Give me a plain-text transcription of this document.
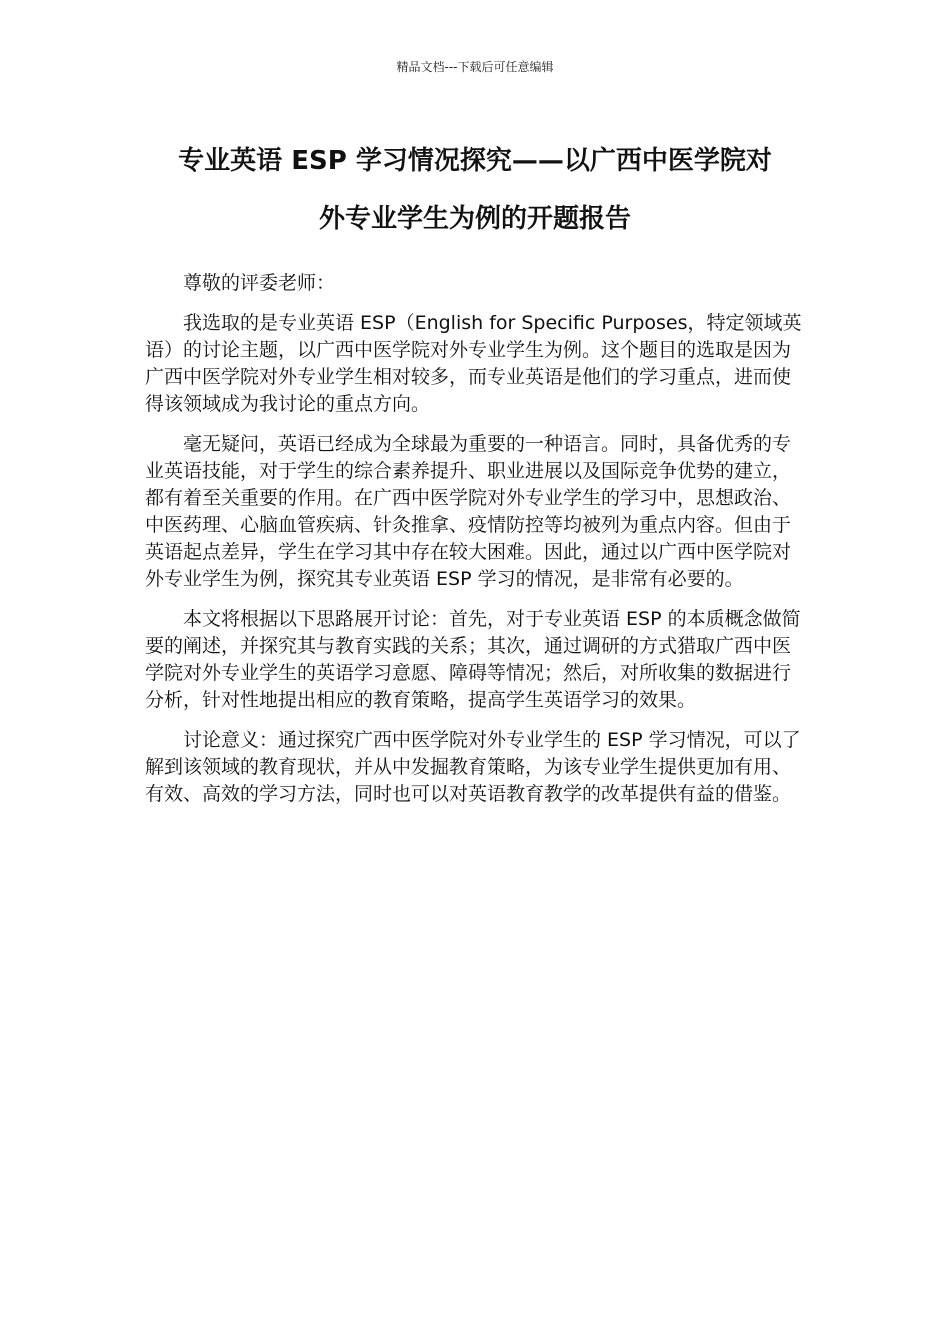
精品文档---下载后可任意编辑
专业英语 ESP 学习情况探究——以广西中医学院对
外专业学生为例的开题报告

尊敬的评委老师：

我选取的是专业英语 ESP（English for Specific Purposes，特定领域英语）的讨论主题，以广西中医学院对外专业学生为例。这个题目的选取是因为广西中医学院对外专业学生相对较多，而专业英语是他们的学习重点，进而使得该领域成为我讨论的重点方向。

毫无疑问，英语已经成为全球最为重要的一种语言。同时，具备优秀的专业英语技能，对于学生的综合素养提升、职业进展以及国际竞争优势的建立，都有着至关重要的作用。在广西中医学院对外专业学生的学习中，思想政治、中医药理、心脑血管疾病、针灸推拿、疫情防控等均被列为重点内容。但由于英语起点差异，学生在学习其中存在较大困难。因此，通过以广西中医学院对外专业学生为例，探究其专业英语 ESP 学习的情况，是非常有必要的。

本文将根据以下思路展开讨论：首先，对于专业英语 ESP 的本质概念做简要的阐述，并探究其与教育实践的关系；其次，通过调研的方式猎取广西中医学院对外专业学生的英语学习意愿、障碍等情况；然后，对所收集的数据进行分析，针对性地提出相应的教育策略，提高学生英语学习的效果。

讨论意义：通过探究广西中医学院对外专业学生的 ESP 学习情况，可以了解到该领域的教育现状，并从中发掘教育策略，为该专业学生提供更加有用、有效、高效的学习方法，同时也可以对英语教育教学的改革提供有益的借鉴。
